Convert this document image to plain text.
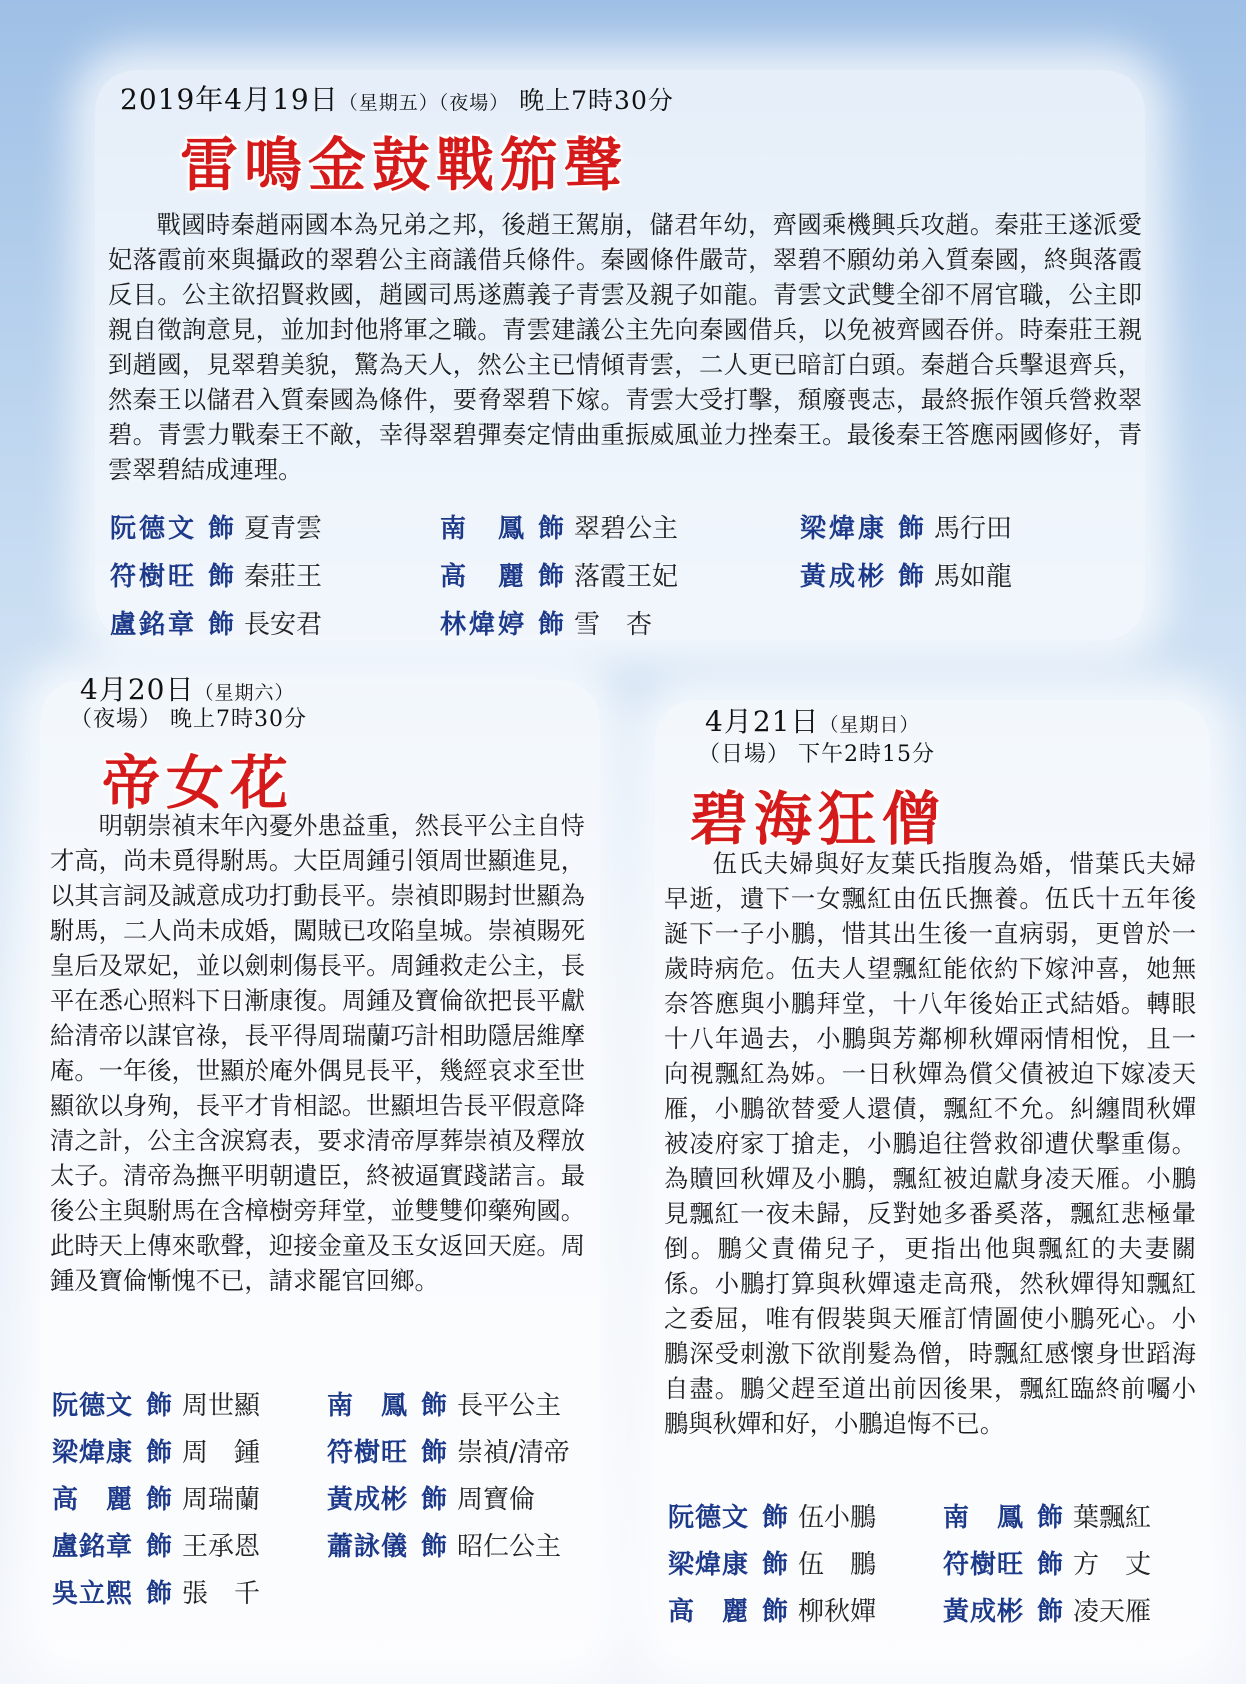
2019年4月19日（星期五）（夜場） 晚上7時30分
雷鳴金鼓戰笳聲

戰國時秦趙兩國本為兄弟之邦，後趙王駕崩，儲君年幼，齊國乘機興兵攻趙。秦莊王遂派愛妃落霞前來與攝政的翠碧公主商議借兵條件。秦國條件嚴苛，翠碧不願幼弟入質秦國，終與落霞反目。公主欲招賢救國，趙國司馬遂薦義子青雲及親子如龍。青雲文武雙全卻不屑官職，公主即親自徵詢意見，並加封他將軍之職。青雲建議公主先向秦國借兵，以免被齊國吞併。時秦莊王親到趙國，見翠碧美貌，驚為天人，然公主已情傾青雲，二人更已暗訂白頭。秦趙合兵擊退齊兵，然秦王以儲君入質秦國為條件，要脅翠碧下嫁。青雲大受打擊，頹廢喪志，最終振作領兵營救翠碧。青雲力戰秦王不敵，幸得翠碧彈奏定情曲重振威風並力挫秦王。最後秦王答應兩國修好，青雲翠碧結成連理。

阮德文 飾 夏青雲	南鳳 飾 翠碧公主	梁煒康 飾 馬行田
符樹旺 飾 秦莊王	高麗 飾 落霞王妃	黃成彬 飾 馬如龍
盧銘章 飾 長安君	林煒婷 飾 雪　杏
4月20日（星期六）
（夜場） 晚上7時30分
帝女花

明朝崇禎末年內憂外患益重，然長平公主自恃才高，尚未覓得駙馬。大臣周鍾引領周世顯進見，以其言詞及誠意成功打動長平。崇禎即賜封世顯為駙馬，二人尚未成婚，闖賊已攻陷皇城。崇禎賜死皇后及眾妃，並以劍刺傷長平。周鍾救走公主，長平在悉心照料下日漸康復。周鍾及寶倫欲把長平獻給清帝以謀官祿，長平得周瑞蘭巧計相助隱居維摩庵。一年後，世顯於庵外偶見長平，幾經哀求至世顯欲以身殉，長平才肯相認。世顯坦告長平假意降清之計，公主含淚寫表，要求清帝厚葬崇禎及釋放太子。清帝為撫平明朝遺臣，終被逼實踐諾言。最後公主與駙馬在含樟樹旁拜堂，並雙雙仰藥殉國。此時天上傳來歌聲，迎接金童及玉女返回天庭。周鍾及寶倫慚愧不已，請求罷官回鄉。

阮德文 飾 周世顯	南鳳 飾 長平公主
梁煒康 飾 周　鍾	符樹旺 飾 崇禎/清帝
高麗 飾 周瑞蘭	黃成彬 飾 周寶倫
盧銘章 飾 王承恩	蕭詠儀 飾 昭仁公主
吳立熙 飾 張　千
4月21日（星期日）
（日場） 下午2時15分
碧海狂僧

伍氏夫婦與好友葉氏指腹為婚，惜葉氏夫婦早逝，遺下一女飄紅由伍氏撫養。伍氏十五年後誕下一子小鵬，惜其出生後一直病弱，更曾於一歲時病危。伍夫人望飄紅能依約下嫁沖喜，她無奈答應與小鵬拜堂，十八年後始正式結婚。轉眼十八年過去，小鵬與芳鄰柳秋嬋兩情相悅，且一向視飄紅為姊。一日秋嬋為償父債被迫下嫁凌天雁，小鵬欲替愛人還債，飄紅不允。糾纏間秋嬋被凌府家丁搶走，小鵬追往營救卻遭伏擊重傷。為贖回秋嬋及小鵬，飄紅被迫獻身凌天雁。小鵬見飄紅一夜未歸，反對她多番奚落，飄紅悲極暈倒。鵬父責備兒子，更指出他與飄紅的夫妻關係。小鵬打算與秋嬋遠走高飛，然秋嬋得知飄紅之委屈，唯有假裝與天雁訂情圖使小鵬死心。小鵬深受刺激下欲削髮為僧，時飄紅感懷身世蹈海自盡。鵬父趕至道出前因後果，飄紅臨終前囑小鵬與秋嬋和好，小鵬追悔不已。

阮德文 飾 伍小鵬	南鳳 飾 葉飄紅
梁煒康 飾 伍　鵬	符樹旺 飾 方　丈
高麗 飾 柳秋嬋	黃成彬 飾 凌天雁
